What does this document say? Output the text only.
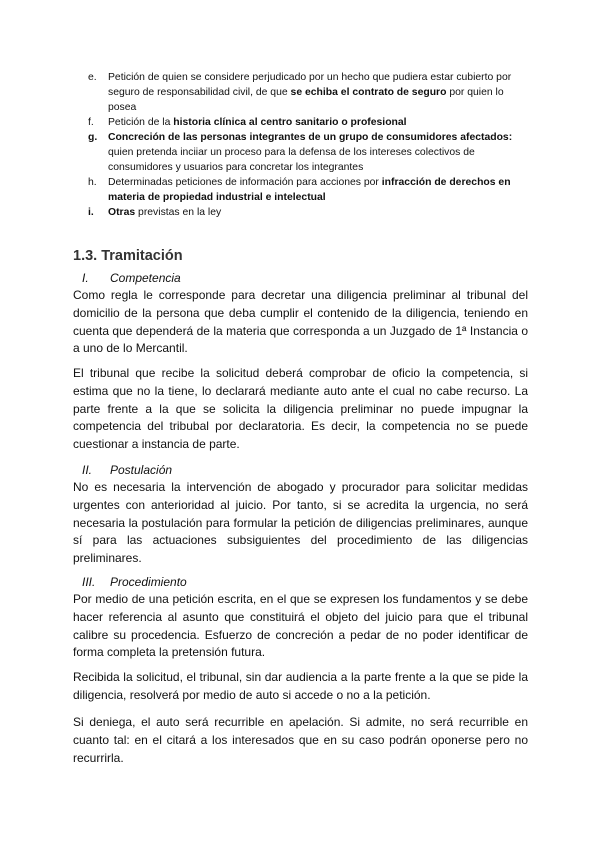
e.	Petición de quien se considere perjudicado por un hecho que pudiera estar cubierto por seguro de responsabilidad civil, de que se echiba el contrato de seguro por quien lo posea
f.	Petición de la historia clínica al centro sanitario o profesional
g.	Concreción de las personas integrantes de un grupo de consumidores afectados: quien pretenda inciiar un proceso para la defensa de los intereses colectivos de consumidores y usuarios para concretar los integrantes
h.	Determinadas peticiones de información para acciones por infracción de derechos en materia de propiedad industrial e intelectual
i.	Otras previstas en la ley
1.3. Tramitación
I. Competencia

Como regla le corresponde para decretar una diligencia preliminar al tribunal del domicilio de la persona que deba cumplir el contenido de la diligencia, teniendo en cuenta que dependerá de la materia que corresponda a un Juzgado de 1ª Instancia o a uno de lo Mercantil.

El tribunal que recibe la solicitud deberá comprobar de oficio la competencia, si estima que no la tiene, lo declarará mediante auto ante el cual no cabe recurso. La parte frente a la que se solicita la diligencia preliminar no puede impugnar la competencia del tribubal por declaratoria. Es decir, la competencia no se puede cuestionar a instancia de parte.

II. Postulación

No es necesaria la intervención de abogado y procurador para solicitar medidas urgentes con anterioridad al juicio. Por tanto, si se acredita la urgencia, no será necesaria la postulación para formular la petición de diligencias preliminares, aunque sí para las actuaciones subsiguientes del procedimiento de las diligencias preliminares.

III. Procedimiento

Por medio de una petición escrita, en el que se expresen los fundamentos y se debe hacer referencia al asunto que constituirá el objeto del juicio para que el tribunal calibre su procedencia. Esfuerzo de concreción a pedar de no poder identificar de forma completa la pretensión futura.

Recibida la solicitud, el tribunal, sin dar audiencia a la parte frente a la que se pide la diligencia, resolverá por medio de auto si accede o no a la petición.

Si deniega, el auto será recurrible en apelación. Si admite, no será recurrible en cuanto tal: en el citará a los interesados que en su caso podrán oponerse pero no recurrirla.
